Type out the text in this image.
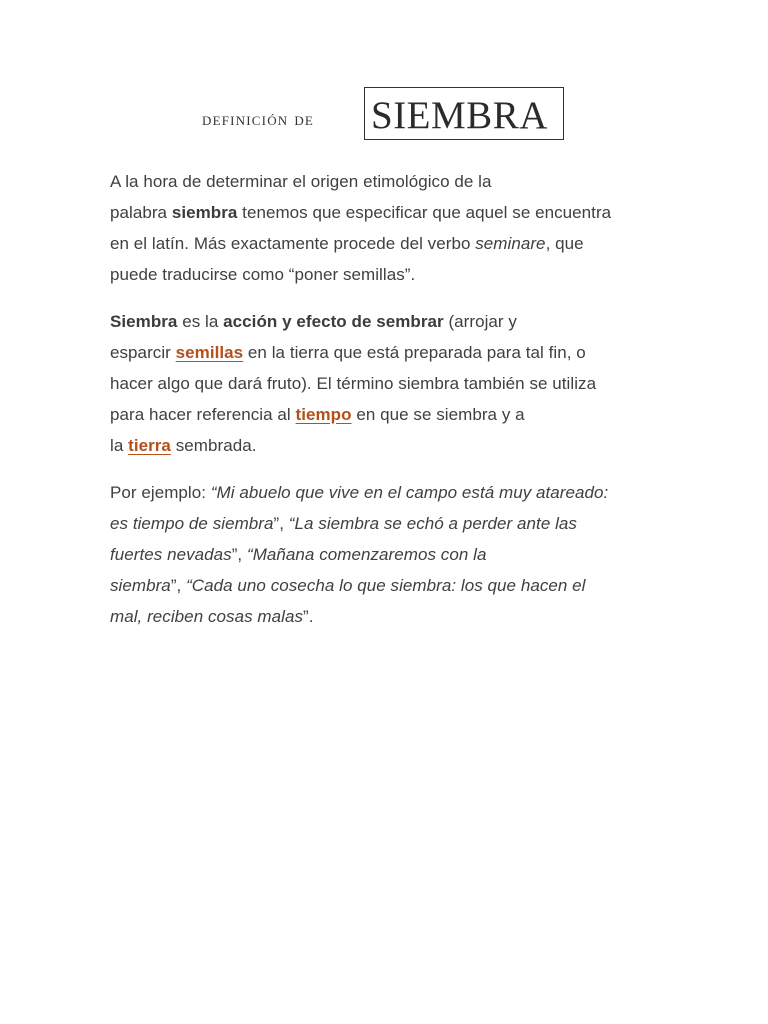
definición de SIEMBRA

A la hora de determinar el origen etimológico de la
palabra siembra tenemos que especificar que aquel se encuentra
en el latín. Más exactamente procede del verbo seminare, que
puede traducirse como “poner semillas”.

Siembra es la acción y efecto de sembrar (arrojar y
esparcir semillas en la tierra que está preparada para tal fin, o
hacer algo que dará fruto). El término siembra también se utiliza
para hacer referencia al tiempo en que se siembra y a
la tierra sembrada.

Por ejemplo: “Mi abuelo que vive en el campo está muy atareado:
es tiempo de siembra”, “La siembra se echó a perder ante las
fuertes nevadas”, “Mañana comenzaremos con la
siembra”, “Cada uno cosecha lo que siembra: los que hacen el
mal, reciben cosas malas”.
